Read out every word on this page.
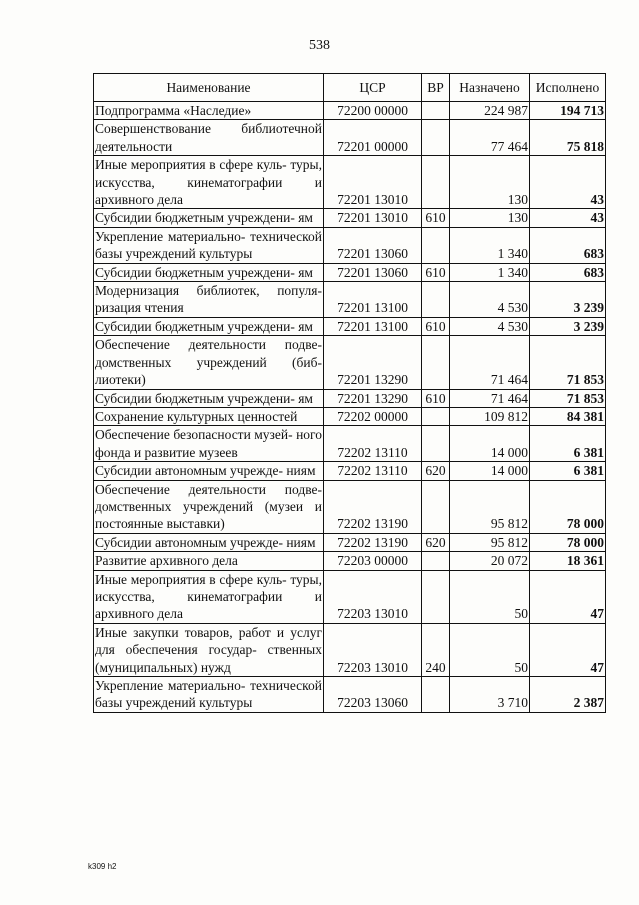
538
Наименование	ЦСР	ВР	Назначено	Исполнено
Подпрограмма «Наследие»	72200 00000		224 987	194 713
Совершенствование библиотечной деятельности	72201 00000		77 464	75 818
Иные мероприятия в сфере куль- туры, искусства, кинематографии и архивного дела	72201 13010		130	43
Субсидии бюджетным учреждени- ям	72201 13010	610	130	43
Укрепление материально- технической базы учреждений культуры	72201 13060		1 340	683
Субсидии бюджетным учреждени- ям	72201 13060	610	1 340	683
Модернизация библиотек, популя- ризация чтения	72201 13100		4 530	3 239
Субсидии бюджетным учреждени- ям	72201 13100	610	4 530	3 239
Обеспечение деятельности подве- домственных учреждений (биб- лиотеки)	72201 13290		71 464	71 853
Субсидии бюджетным учреждени- ям	72201 13290	610	71 464	71 853
Сохранение культурных ценностей	72202 00000		109 812	84 381
Обеспечение безопасности музей- ного фонда и развитие музеев	72202 13110		14 000	6 381
Субсидии автономным учрежде- ниям	72202 13110	620	14 000	6 381
Обеспечение деятельности подве- домственных учреждений (музеи и постоянные выставки)	72202 13190		95 812	78 000
Субсидии автономным учрежде- ниям	72202 13190	620	95 812	78 000
Развитие архивного дела	72203 00000		20 072	18 361
Иные мероприятия в сфере куль- туры, искусства, кинематографии и архивного дела	72203 13010		50	47
Иные закупки товаров, работ и услуг для обеспечения государ- ственных (муниципальных) нужд	72203 13010	240	50	47
Укрепление материально- технической базы учреждений культуры	72203 13060		3 710	2 387
k309 h2
